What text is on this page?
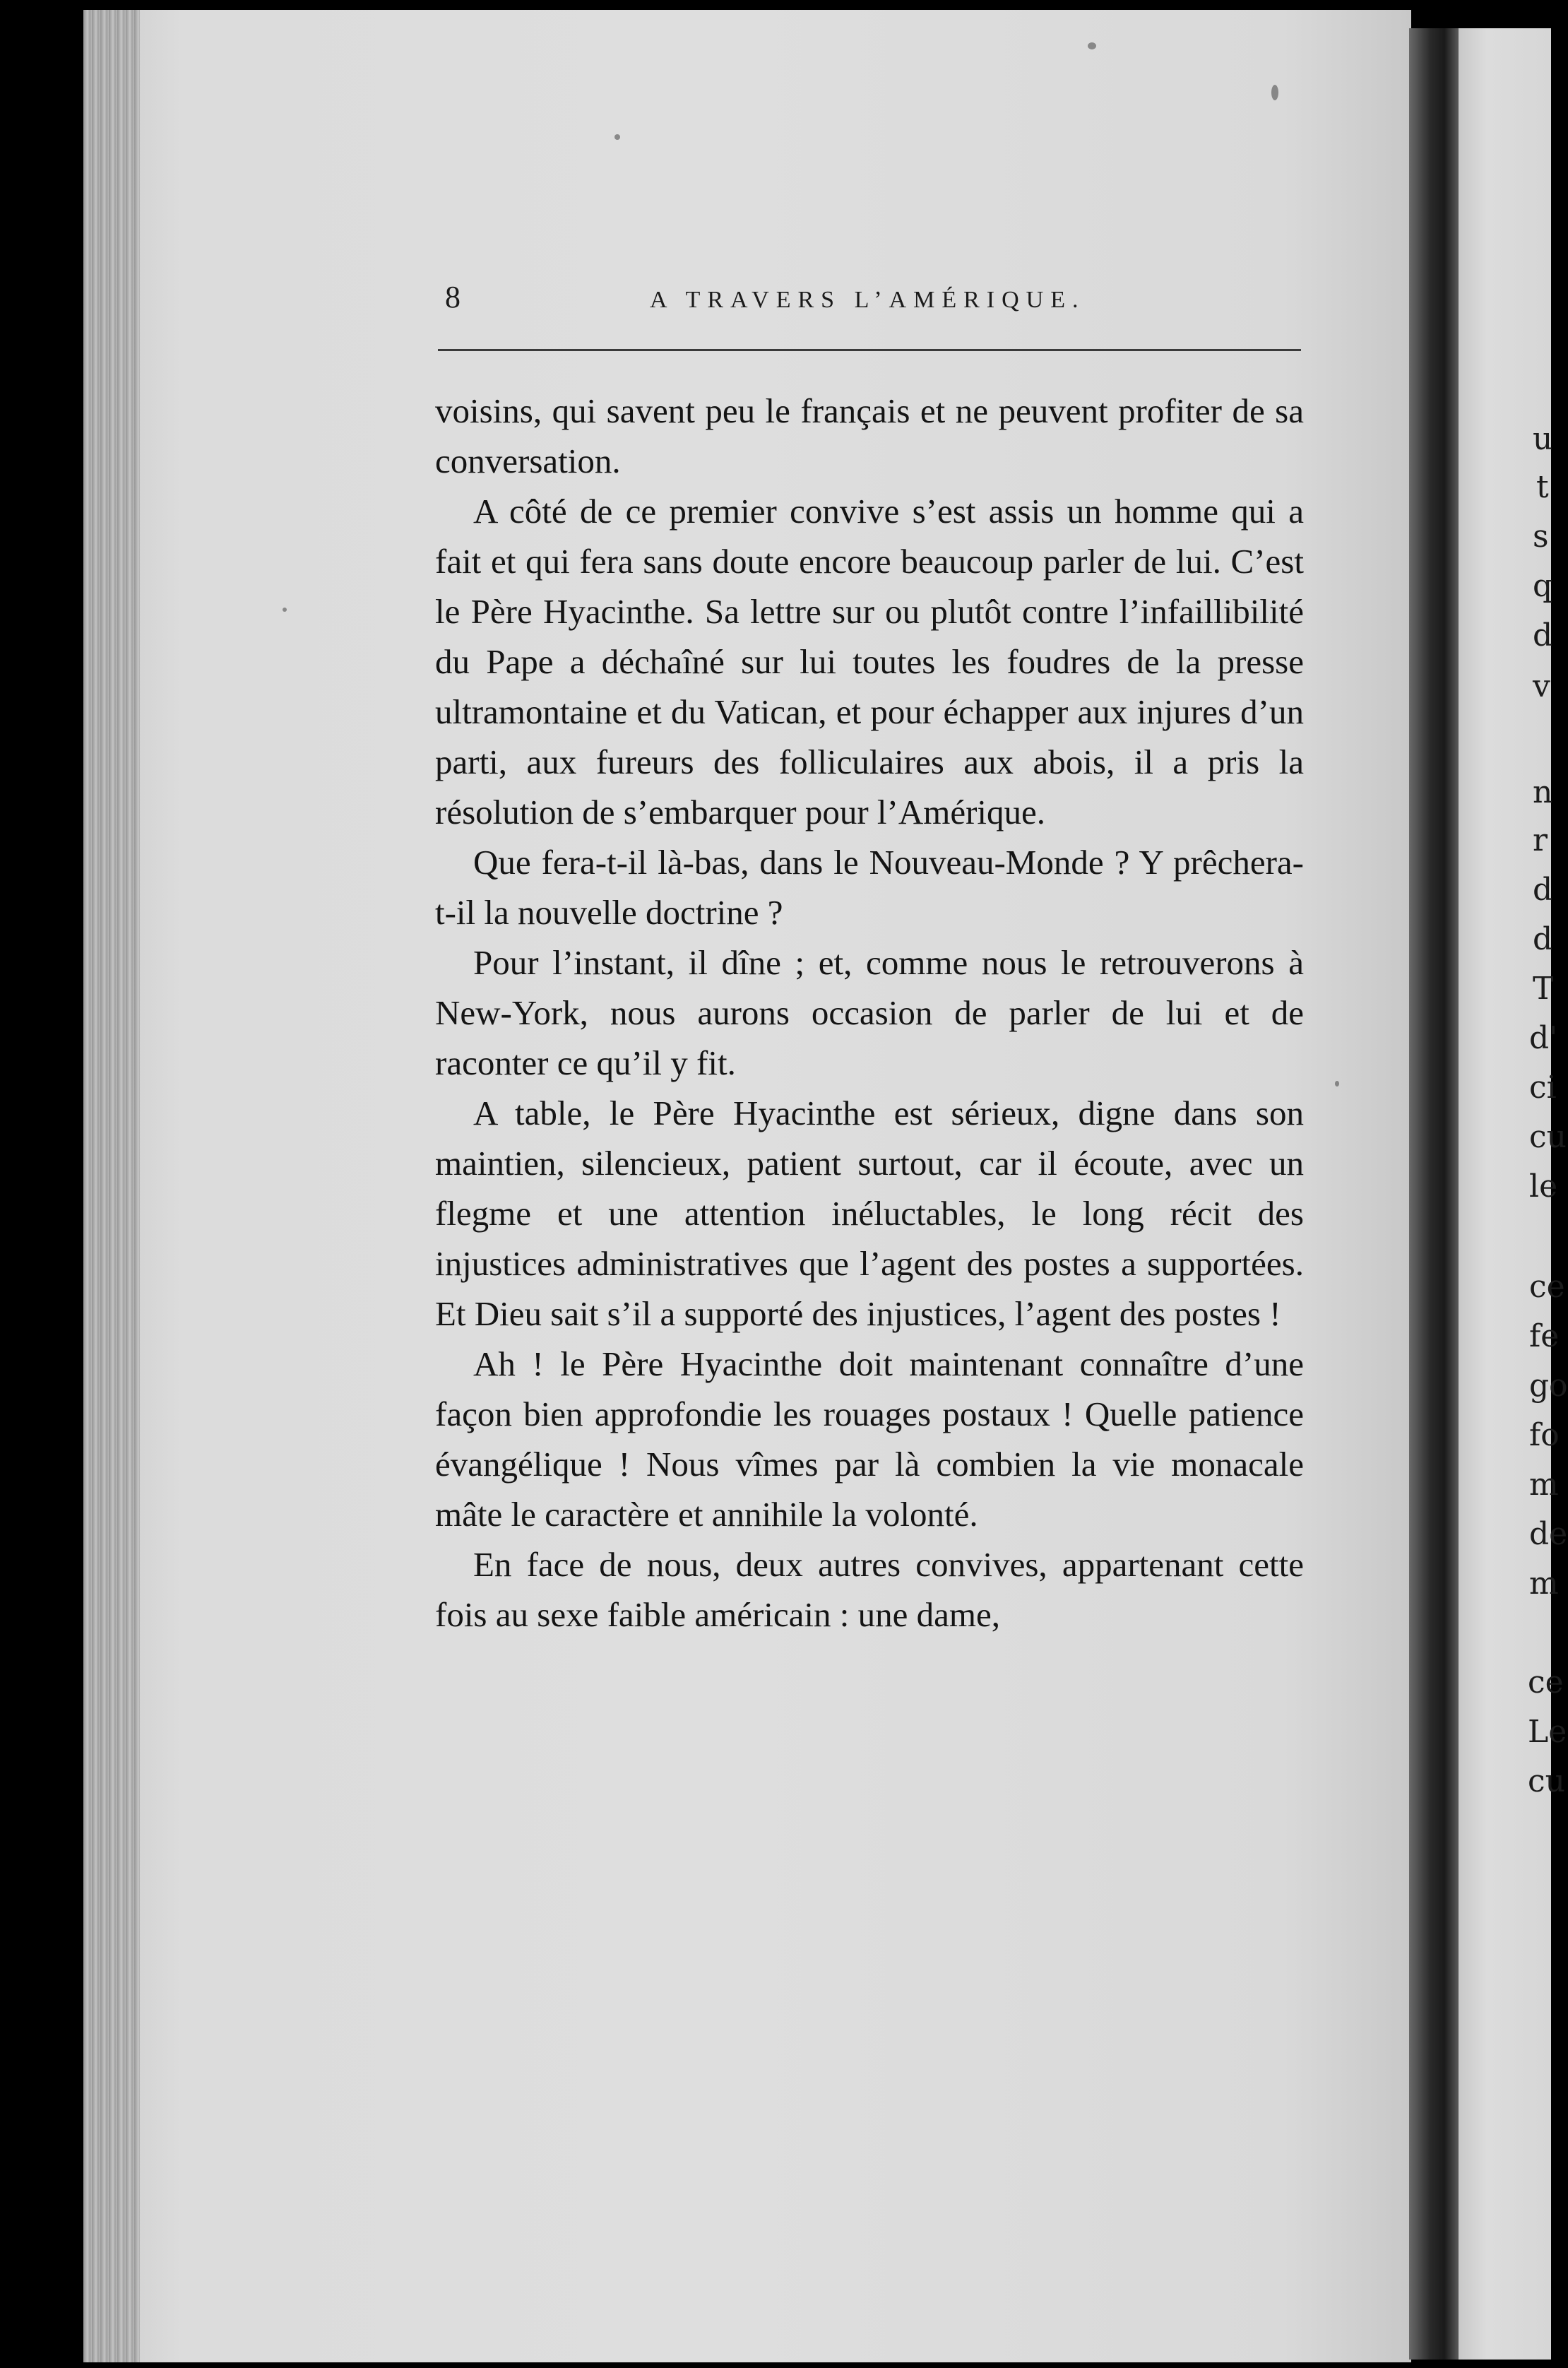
8	A TRAVERS L’AMÉRIQUE.

voisins, qui savent peu le français et ne peuvent profiter de sa conversation.

A côté de ce premier convive s’est assis un homme qui a fait et qui fera sans doute encore beaucoup parler de lui. C’est le Père Hyacinthe. Sa lettre sur ou plutôt contre l’infaillibilité du Pape a déchaîné sur lui toutes les foudres de la presse ultramontaine et du Vatican, et pour échapper aux injures d’un parti, aux fureurs des folliculaires aux abois, il a pris la résolution de s’embarquer pour l’Amérique.

Que fera-t-il là-bas, dans le Nouveau-Monde ? Y prêchera-t-il la nouvelle doctrine ?

Pour l’instant, il dîne ; et, comme nous le retrouverons à New-York, nous aurons occasion de parler de lui et de raconter ce qu’il y fit.

A table, le Père Hyacinthe est sérieux, digne dans son maintien, silencieux, patient surtout, car il écoute, avec un flegme et une attention inéluctables, le long récit des injustices administratives que l’agent des postes a supportées. Et Dieu sait s’il a supporté des injustices, l’agent des postes !

Ah ! le Père Hyacinthe doit maintenant connaître d’une façon bien approfondie les rouages postaux ! Quelle patience évangélique ! Nous vîmes par là combien la vie monacale mâte le caractère et annihile la volonté.

En face de nous, deux autres convives, appartenant cette fois au sexe faible américain : une dame,

u

t

s

q

d

v

n

r

d

d

T

d'

ci

cu

le

ce

fe

go

fo

m

de

m

ce

Le

cu
